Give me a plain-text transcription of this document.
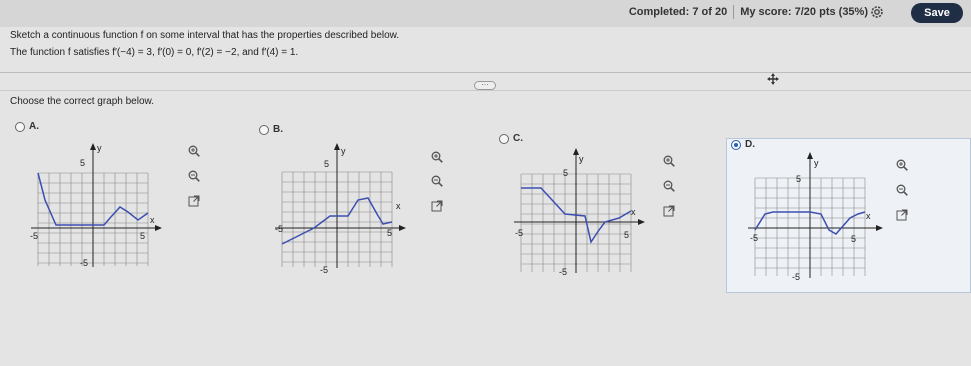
Completed: 7 of 20 My score: 7/20 pts (35%)	Save
Sketch a continuous function f on some interval that has the properties described below.
The function f satisfies f′(−4) = 3, f′(0) = 0, f′(2) = −2, and f′(4) = 1.
···
Choose the correct graph below.
A.
y
x
5
-5
-5	5
B.
y
x
5
-5
-5	5
C.
y
x
5
-5
-5	5
D.
y
x
5
-5
-5	5
